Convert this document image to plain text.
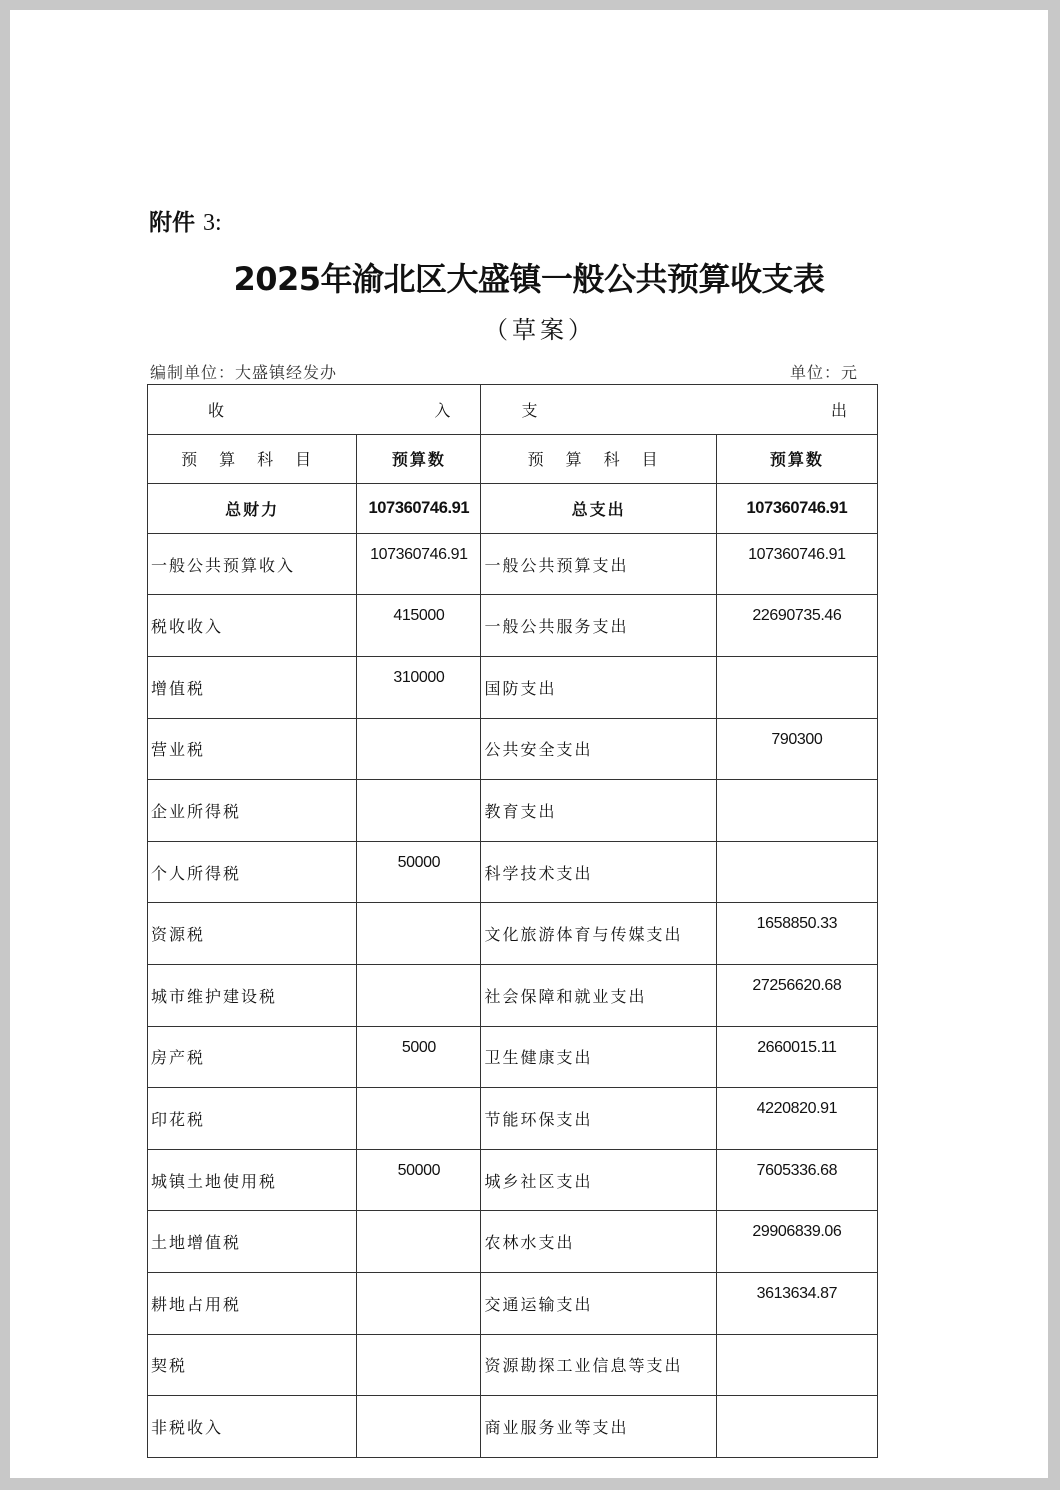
附件 3:
2025年渝北区大盛镇一般公共预算收支表
（草案）
编制单位：大盛镇经发办	单位：元
收 入		支 出	

预算科目	预算数	预算科目	预算数
总财力	107360746.91	总支出	107360746.91
一般公共预算收入	107360746.91	一般公共预算支出	107360746.91
税收收入	415000	一般公共服务支出	22690735.46
增值税	310000	国防支出	
营业税		公共安全支出	790300
企业所得税		教育支出	
个人所得税	50000	科学技术支出	
资源税		文化旅游体育与传媒支出	1658850.33
城市维护建设税		社会保障和就业支出	27256620.68
房产税	5000	卫生健康支出	2660015.11
印花税		节能环保支出	4220820.91
城镇土地使用税	50000	城乡社区支出	7605336.68
土地增值税		农林水支出	29906839.06
耕地占用税		交通运输支出	3613634.87
契税		资源勘探工业信息等支出	
非税收入		商业服务业等支出	
